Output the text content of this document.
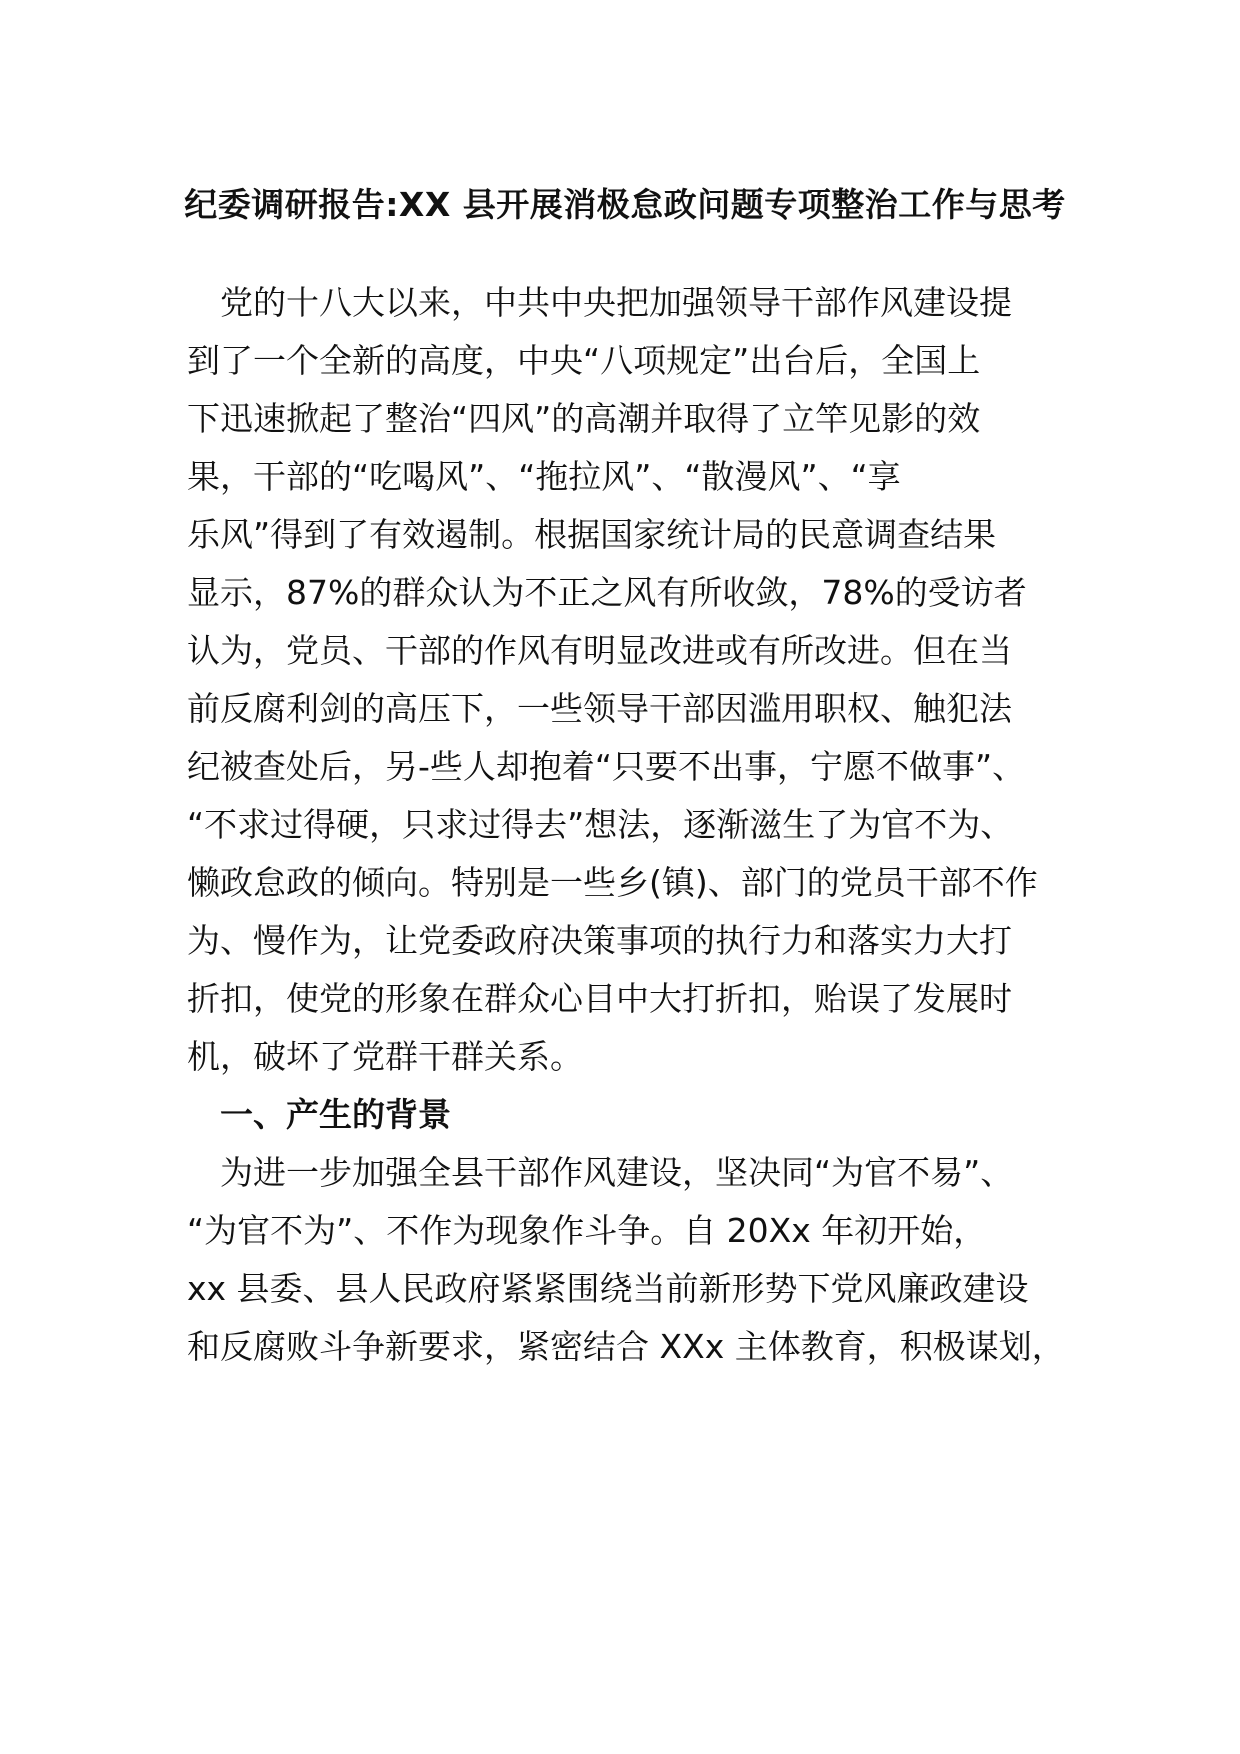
纪委调研报告:XX 县开展消极怠政问题专项整治工作与思考

　党的十八大以来，中共中央把加强领导干部作风建设提

到了一个全新的高度，中央“八项规定”出台后，全国上

下迅速掀起了整治“四风”的高潮并取得了立竿见影的效

果，干部的“吃喝风”、“拖拉风”、“散漫风”、“享

乐风”得到了有效遏制。根据国家统计局的民意调查结果

显示，87%的群众认为不正之风有所收敛，78%的受访者

认为，党员、干部的作风有明显改进或有所改进。但在当

前反腐利剑的高压下，一些领导干部因滥用职权、触犯法

纪被查处后，另-些人却抱着“只要不出事，宁愿不做事”、

“不求过得硬，只求过得去”想法，逐渐滋生了为官不为、

懒政怠政的倾向。特别是一些乡(镇)、部门的党员干部不作

为、慢作为，让党委政府决策事项的执行力和落实力大打

折扣，使党的形象在群众心目中大打折扣，贻误了发展时

机，破坏了党群干群关系。

　一、产生的背景

　为进一步加强全县干部作风建设，坚决同“为官不易”、

“为官不为”、不作为现象作斗争。自 20Xx 年初开始，

xx 县委、县人民政府紧紧围绕当前新形势下党风廉政建设

和反腐败斗争新要求，紧密结合 XXx 主体教育，积极谋划，
